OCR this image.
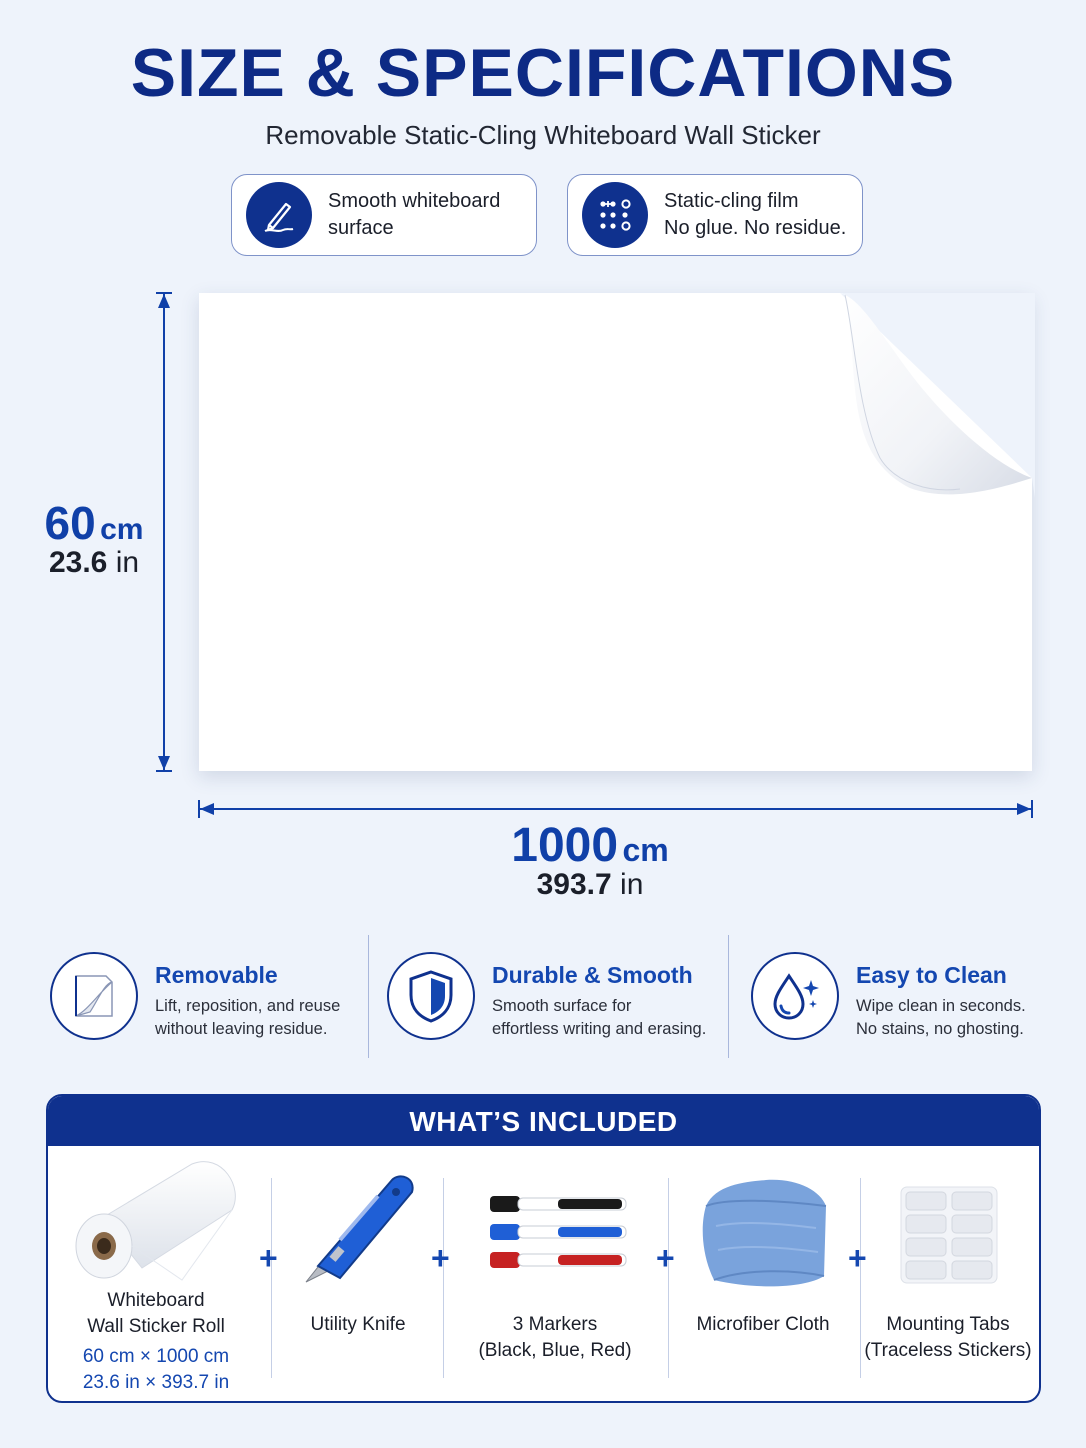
SIZE & SPECIFICATIONS
Removable Static-Cling Whiteboard Wall Sticker
Smooth whiteboard
surface
Static-cling film
No glue. No residue.
60 cm
23.6 in
1000 cm
393.7 in
Removable
Lift, reposition, and reuse
without leaving residue.
Durable & Smooth
Smooth surface for
effortless writing and erasing.
Easy to Clean
Wipe clean in seconds.
No stains, no ghosting.
WHAT’S INCLUDED
Whiteboard
Wall Sticker Roll
60 cm × 1000 cm
23.6 in × 393.7 in
+
Utility Knife
+
3 Markers
(Black, Blue, Red)
+
Microfiber Cloth
+
Mounting Tabs
(Traceless Stickers)
